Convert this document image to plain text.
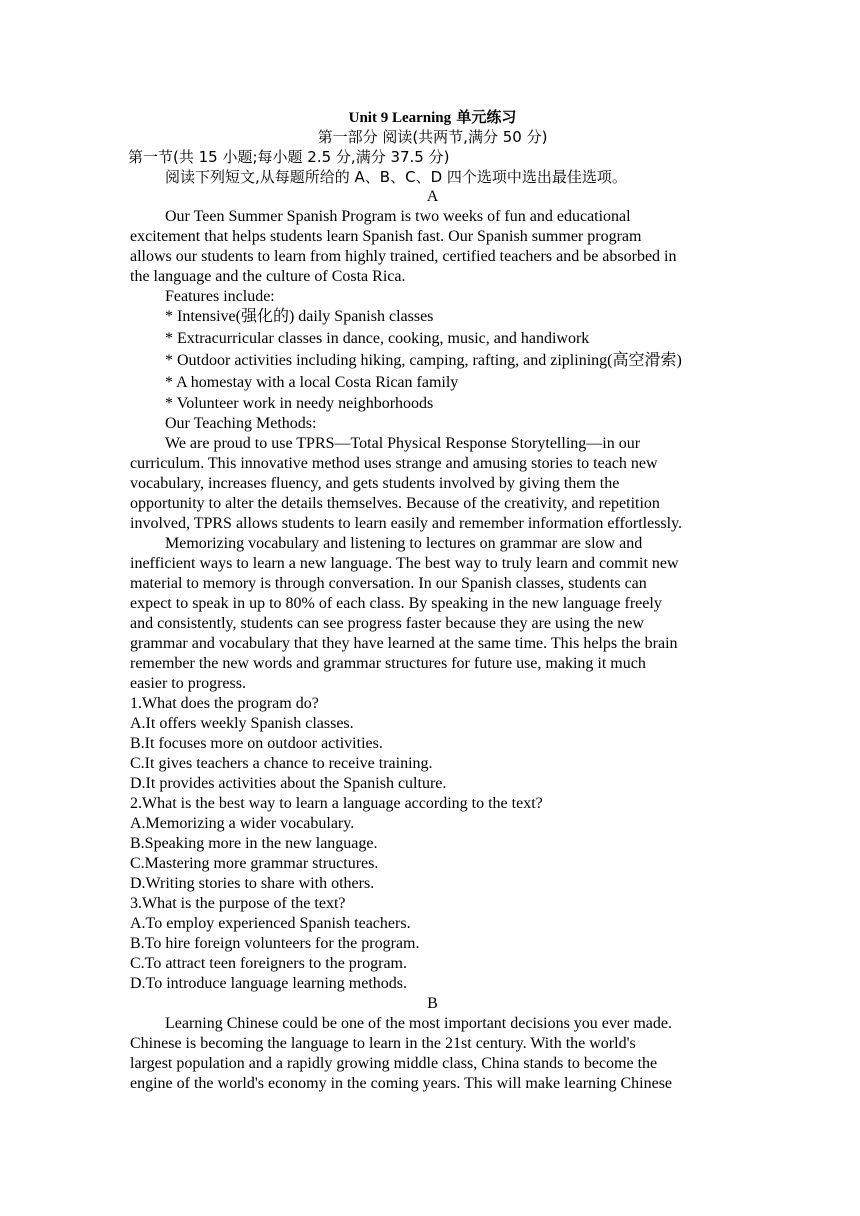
Unit 9 Learning 单元练习
第一部分 阅读(共两节,满分 50 分)
第一节(共 15 小题;每小题 2.5 分,满分 37.5 分)
阅读下列短文,从每题所给的 A、B、C、D 四个选项中选出最佳选项。
A
Our Teen Summer Spanish Program is two weeks of fun and educational
excitement that helps students learn Spanish fast. Our Spanish summer program
allows our students to learn from highly trained, certified teachers and be absorbed in
the language and the culture of Costa Rica.
Features include:
* Intensive(强化的) daily Spanish classes
* Extracurricular classes in dance, cooking, music, and handiwork
* Outdoor activities including hiking, camping, rafting, and ziplining(高空滑索)
* A homestay with a local Costa Rican family
* Volunteer work in needy neighborhoods
Our Teaching Methods:
We are proud to use TPRS—Total Physical Response Storytelling—in our
curriculum. This innovative method uses strange and amusing stories to teach new
vocabulary, increases fluency, and gets students involved by giving them the
opportunity to alter the details themselves. Because of the creativity, and repetition
involved, TPRS allows students to learn easily and remember information effortlessly.
Memorizing vocabulary and listening to lectures on grammar are slow and
inefficient ways to learn a new language. The best way to truly learn and commit new
material to memory is through conversation. In our Spanish classes, students can
expect to speak in up to 80% of each class. By speaking in the new language freely
and consistently, students can see progress faster because they are using the new
grammar and vocabulary that they have learned at the same time. This helps the brain
remember the new words and grammar structures for future use, making it much
easier to progress.
1.What does the program do?
A.It offers weekly Spanish classes.
B.It focuses more on outdoor activities.
C.It gives teachers a chance to receive training.
D.It provides activities about the Spanish culture.
2.What is the best way to learn a language according to the text?
A.Memorizing a wider vocabulary.
B.Speaking more in the new language.
C.Mastering more grammar structures.
D.Writing stories to share with others.
3.What is the purpose of the text?
A.To employ experienced Spanish teachers.
B.To hire foreign volunteers for the program.
C.To attract teen foreigners to the program.
D.To introduce language learning methods.
B
Learning Chinese could be one of the most important decisions you ever made.
Chinese is becoming the language to learn in the 21st century. With the world's
largest population and a rapidly growing middle class, China stands to become the
engine of the world's economy in the coming years. This will make learning Chinese
